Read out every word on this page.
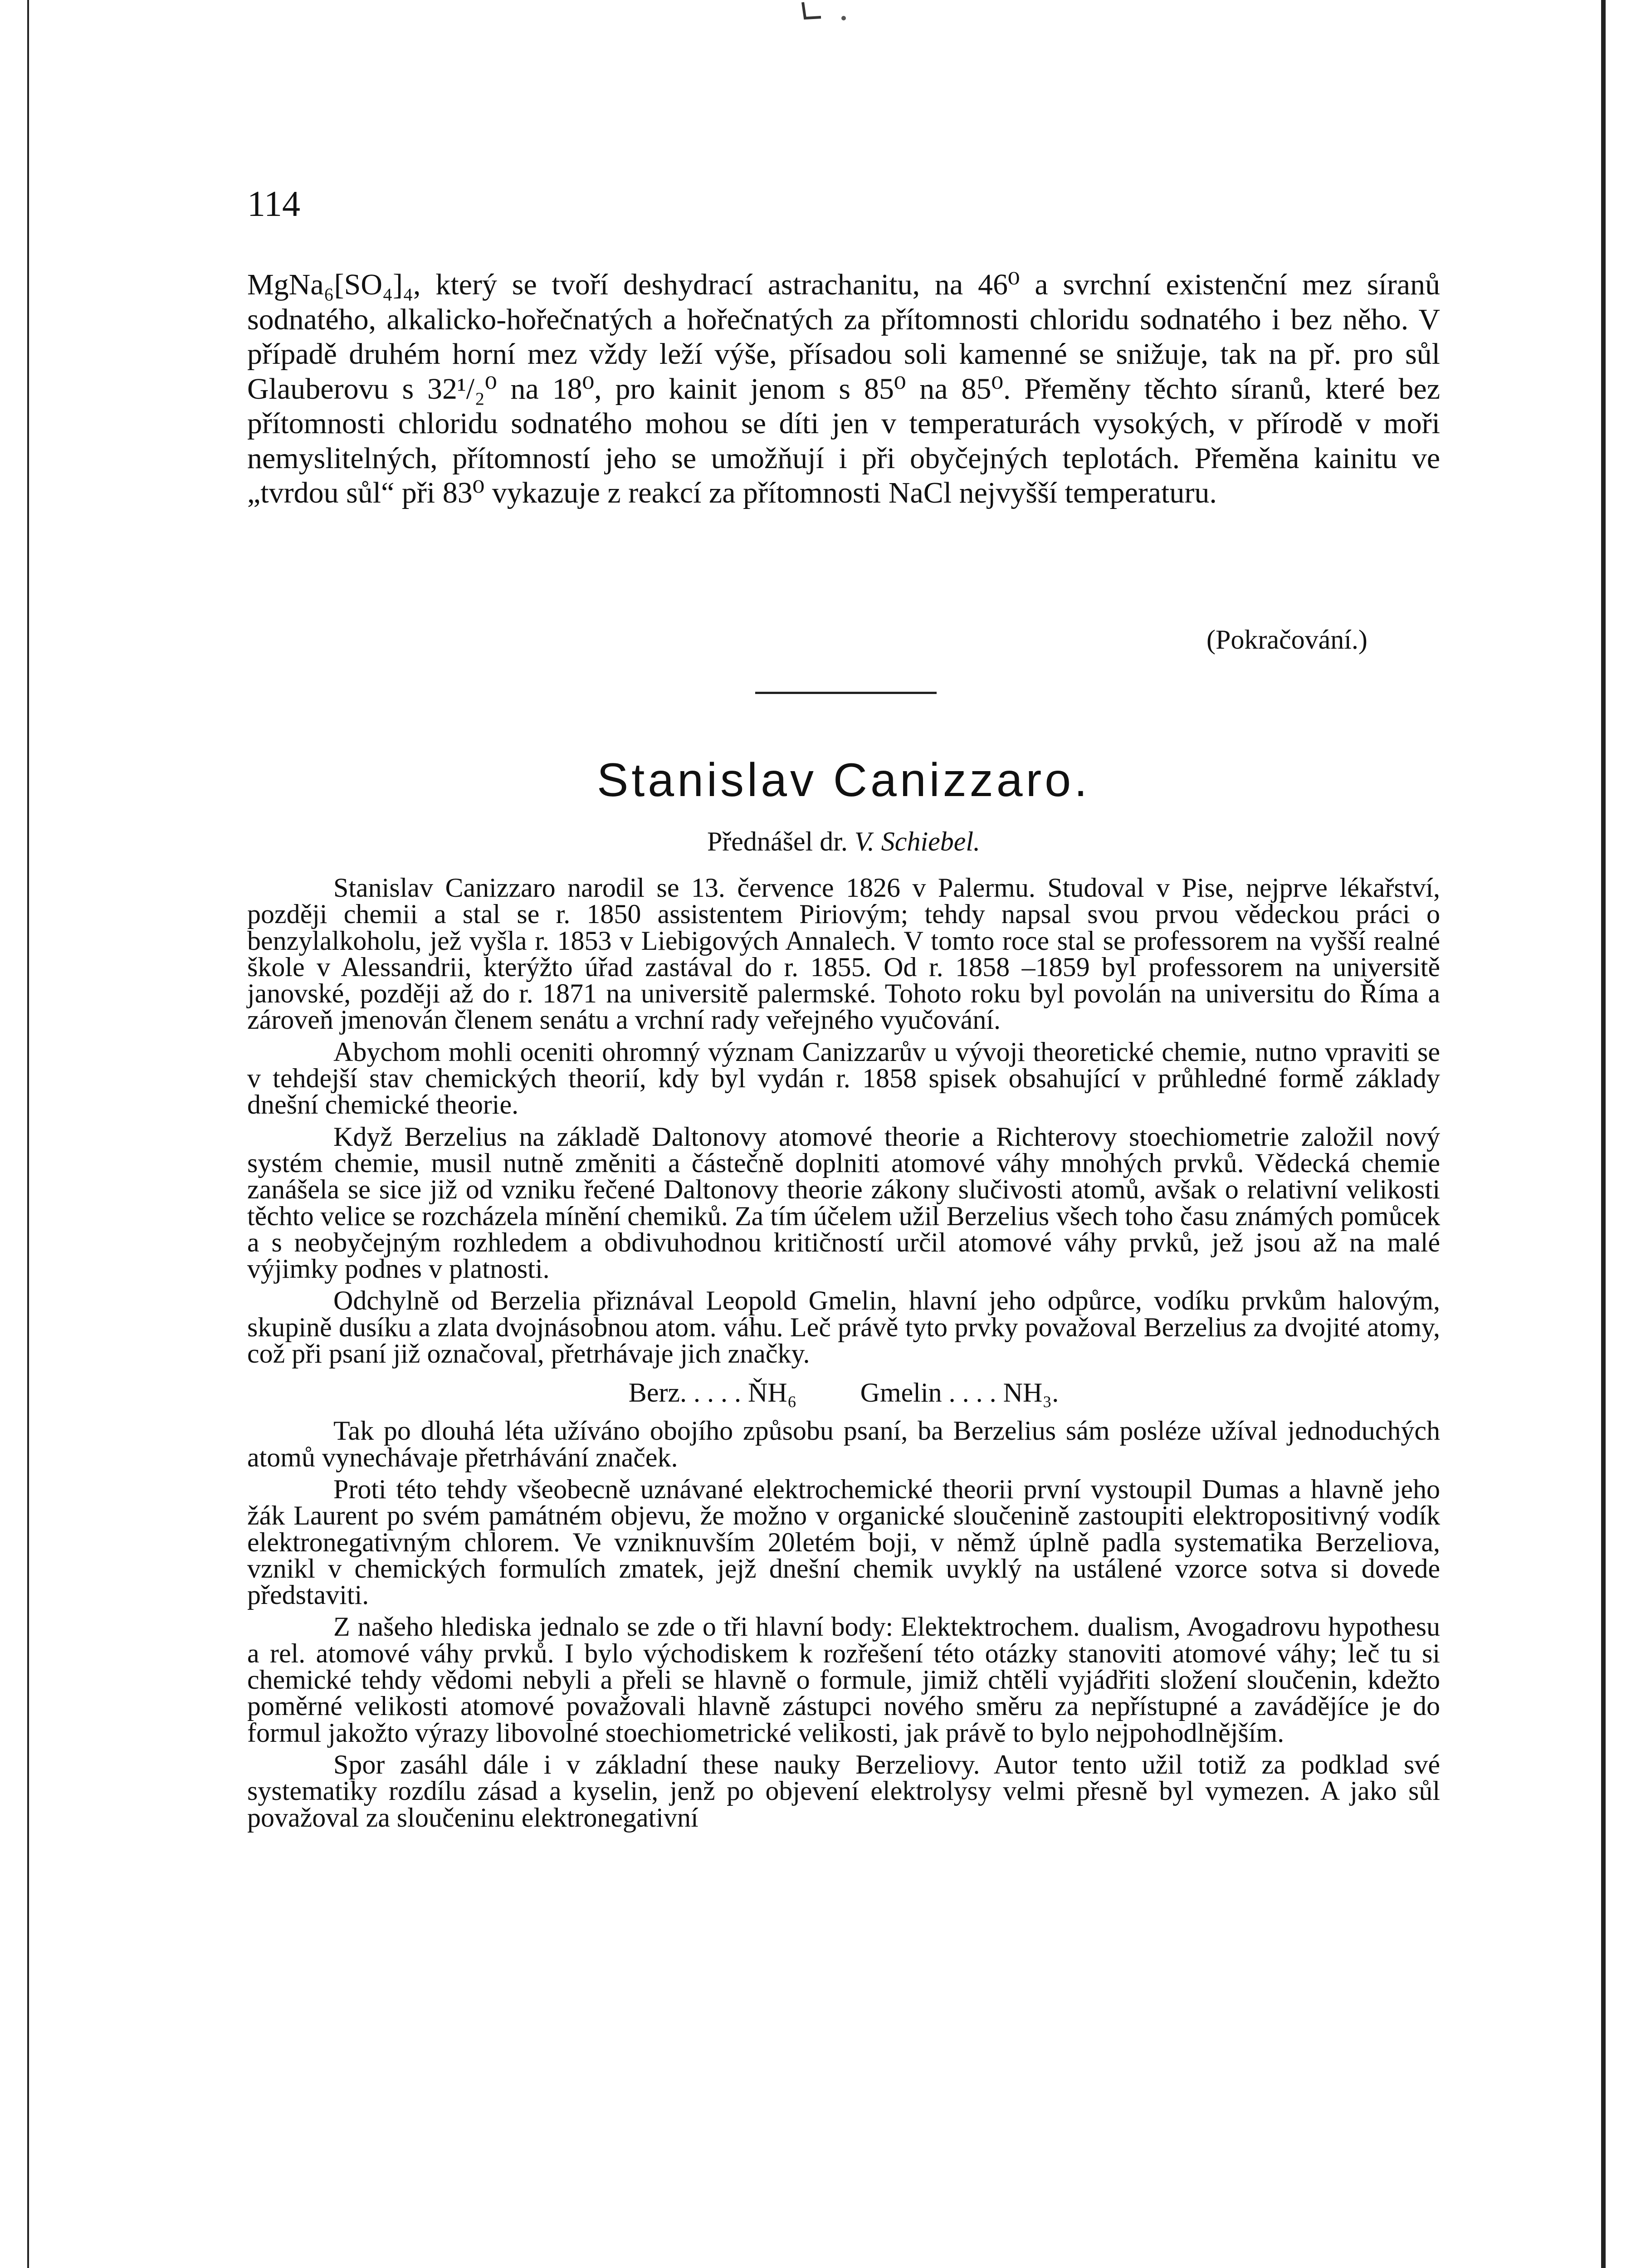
114

MgNa₆[SO₄]₄, který se tvoří deshydrací astrachanitu, na 46⁰ a svrchní existenční mez síranů sodnatého, alkalicko-hořečnatých a hořečnatých za přítomnosti chloridu sodnatého i bez něho. V případě druhém horní mez vždy leží výše, přísadou soli kamenné se snižuje, tak na př. pro sůl Glauberovu s 32¹/₂⁰ na 18⁰, pro kainit jenom s 85⁰ na 85⁰. Přeměny těchto síranů, které bez přítomnosti chloridu sodnatého mohou se díti jen v temperaturách vysokých, v přírodě v moři nemyslitelných, přítomností jeho se umožňují i při obyčejných teplotách. Přeměna kainitu ve „tvrdou sůl“ při 83⁰ vykazuje z reakcí za přítomnosti NaCl nejvyšší temperaturu.

(Pokračování.)
Stanislav Canizzaro.
Přednášel dr. V. Schiebel.

Stanislav Canizzaro narodil se 13. července 1826 v Palermu. Studoval v Pise, nejprve lékařství, později chemii a stal se r. 1850 assistentem Piriovým; tehdy napsal svou prvou vědeckou práci o benzylalkoholu, jež vyšla r. 1853 v Liebigových Annalech. V tomto roce stal se professorem na vyšší realné škole v Alessandrii, kterýžto úřad zastával do r. 1855. Od r. 1858 –1859 byl professorem na universitě janovské, později až do r. 1871 na universitě palermské. Tohoto roku byl povolán na universitu do Říma a zároveň jmenován členem senátu a vrchní rady veřejného vyučování.

Abychom mohli oceniti ohromný význam Canizzarův u vývoji theoretické chemie, nutno vpraviti se v tehdejší stav chemických theorií, kdy byl vydán r. 1858 spisek obsahující v průhledné formě základy dnešní chemické theorie.

Když Berzelius na základě Daltonovy atomové theorie a Richterovy stoechiometrie založil nový systém chemie, musil nutně změniti a částečně doplniti atomové váhy mnohých prvků. Vědecká chemie zanášela se sice již od vzniku řečené Daltonovy theorie zákony slučivosti atomů, avšak o relativní velikosti těchto velice se rozcházela mínění chemiků. Za tím účelem užil Berzelius všech toho času známých pomůcek a s neobyčejným rozhledem a obdivuhodnou kritičností určil atomové váhy prvků, jež jsou až na malé výjimky podnes v platnosti.

Odchylně od Berzelia přiznával Leopold Gmelin, hlavní jeho odpůrce, vodíku prvkům halovým, skupině dusíku a zlata dvojnásobnou atom. váhu. Leč právě tyto prvky považoval Berzelius za dvojité atomy, což při psaní již označoval, přetrhávaje jich značky.

Berz. . . . . ŇH₆ Gmelin . . . . NH₃.

Tak po dlouhá léta užíváno obojího způsobu psaní, ba Berzelius sám posléze užíval jednoduchých atomů vynechávaje přetrhávání značek.

Proti této tehdy všeobecně uznávané elektrochemické theorii první vystoupil Dumas a hlavně jeho žák Laurent po svém památném objevu, že možno v organické sloučenině zastoupiti elektropositivný vodík elektronegativným chlorem. Ve vzniknuvším 20letém boji, v němž úplně padla systematika Berzeliova, vznikl v chemických formulích zmatek, jejž dnešní chemik uvyklý na ustálené vzorce sotva si dovede představiti.

Z našeho hlediska jednalo se zde o tři hlavní body: Elektektrochem. dualism, Avogadrovu hypothesu a rel. atomové váhy prvků. I bylo východiskem k rozřešení této otázky stanoviti atomové váhy; leč tu si chemické tehdy vědomi nebyli a přeli se hlavně o formule, jimiž chtěli vyjádřiti složení sloučenin, kdežto poměrné velikosti atomové považovali hlavně zástupci nového směru za nepřístupné a zavádějíce je do formul jakožto výrazy libovolné stoechiometrické velikosti, jak právě to bylo nejpohodlnějším.

Spor zasáhl dále i v základní these nauky Berzeliovy. Autor tento užil totiž za podklad své systematiky rozdílu zásad a kyselin, jenž po objevení elektrolysy velmi přesně byl vymezen. A jako sůl považoval za sloučeninu elektronegativní
